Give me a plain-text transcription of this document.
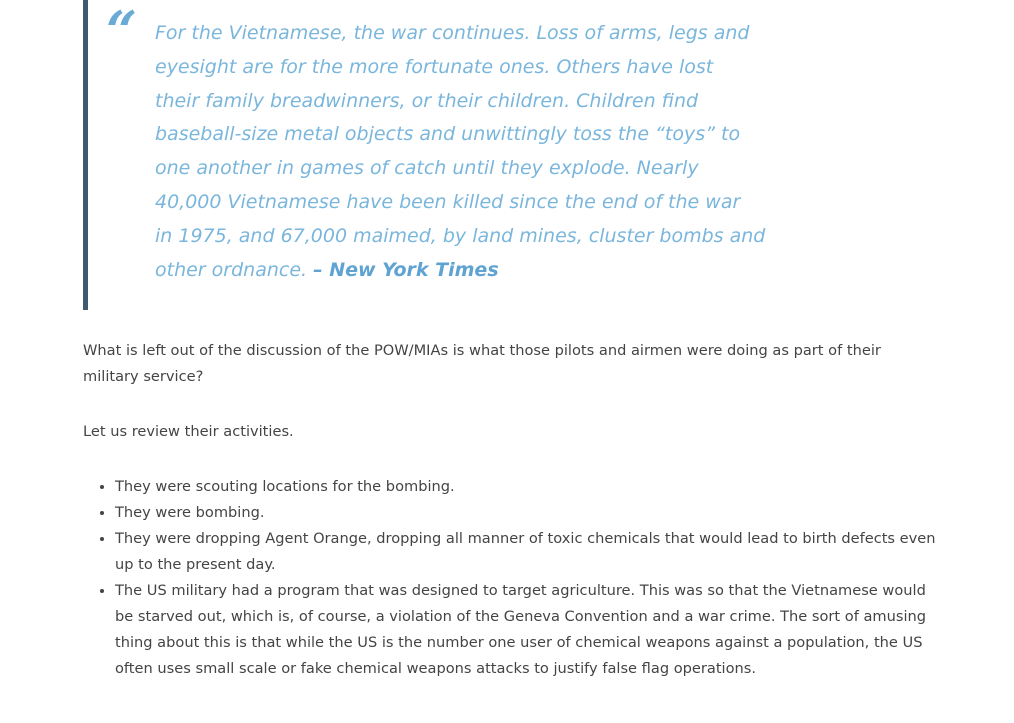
“ For the Vietnamese, the war continues. Loss of arms, legs and
eyesight are for the more fortunate ones. Others have lost
their family breadwinners, or their children. Children find
baseball-size metal objects and unwittingly toss the “toys” to
one another in games of catch until they explode. Nearly
40,000 Vietnamese have been killed since the end of the war
in 1975, and 67,000 maimed, by land mines, cluster bombs and
other ordnance. – New York Times
What is left out of the discussion of the POW/MIAs is what those pilots and airmen were doing as part of their military service?
Let us review their activities.
• They were scouting locations for the bombing.
• They were bombing.
• They were dropping Agent Orange, dropping all manner of toxic chemicals that would lead to birth defects even up to the present day.
• The US military had a program that was designed to target agriculture. This was so that the Vietnamese would be starved out, which is, of course, a violation of the Geneva Convention and a war crime. The sort of amusing thing about this is that while the US is the number one user of chemical weapons against a population, the US often uses small scale or fake chemical weapons attacks to justify false flag operations.
